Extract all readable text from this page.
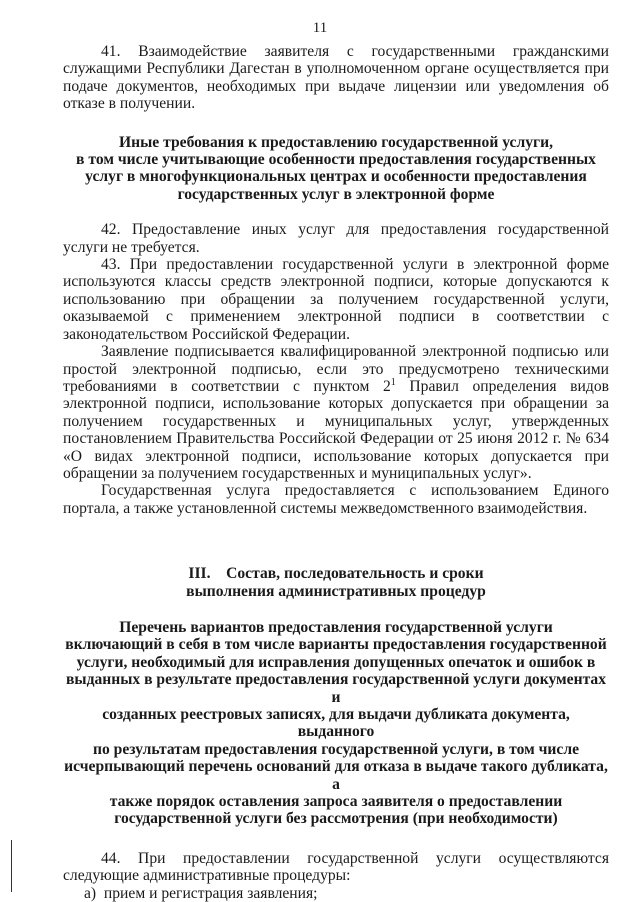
11

41. Взаимодействие заявителя с государственными гражданскими служащими Республики Дагестан в уполномоченном органе осуществляется при подаче документов, необходимых при выдаче лицензии или уведомления об отказе в получении.

Иные требования к предоставлению государственной услуги,
в том числе учитывающие особенности предоставления государственных
услуг в многофункциональных центрах и особенности предоставления
государственных услуг в электронной форме

42. Предоставление иных услуг для предоставления государственной услуги не требуется.

43. При предоставлении государственной услуги в электронной форме используются классы средств электронной подписи, которые допускаются к использованию при обращении за получением государственной услуги, оказываемой с применением электронной подписи в соответствии с законодательством Российской Федерации.

Заявление подписывается квалифицированной электронной подписью или простой электронной подписью, если это предусмотрено техническими требованиями в соответствии с пунктом $2^1$ Правил определения видов электронной подписи, использование которых допускается при обращении за получением государственных и муниципальных услуг, утвержденных постановлением Правительства Российской Федерации от 25 июня 2012 г. № 634 «О видах электронной подписи, использование которых допускается при обращении за получением государственных и муниципальных услуг».

Государственная услуга предоставляется с использованием Единого портала, а также установленной системы межведомственного взаимодействия.

III.    Состав, последовательность и сроки
выполнения административных процедур
Перечень вариантов предоставления государственной услуги
включающий в себя в том числе варианты предоставления государственной
услуги, необходимый для исправления допущенных опечаток и ошибок в
выданных в результате предоставления государственной услуги документах и
созданных реестровых записях, для выдачи дубликата документа, выданного
по результатам предоставления государственной услуги, в том числе
исчерпывающий перечень оснований для отказа в выдаче такого дубликата, а
также порядок оставления запроса заявителя о предоставлении
государственной услуги без рассмотрения (при необходимости)

44. При предоставлении государственной услуги осуществляются следующие административные процедуры:

а)  прием и регистрация заявления;
